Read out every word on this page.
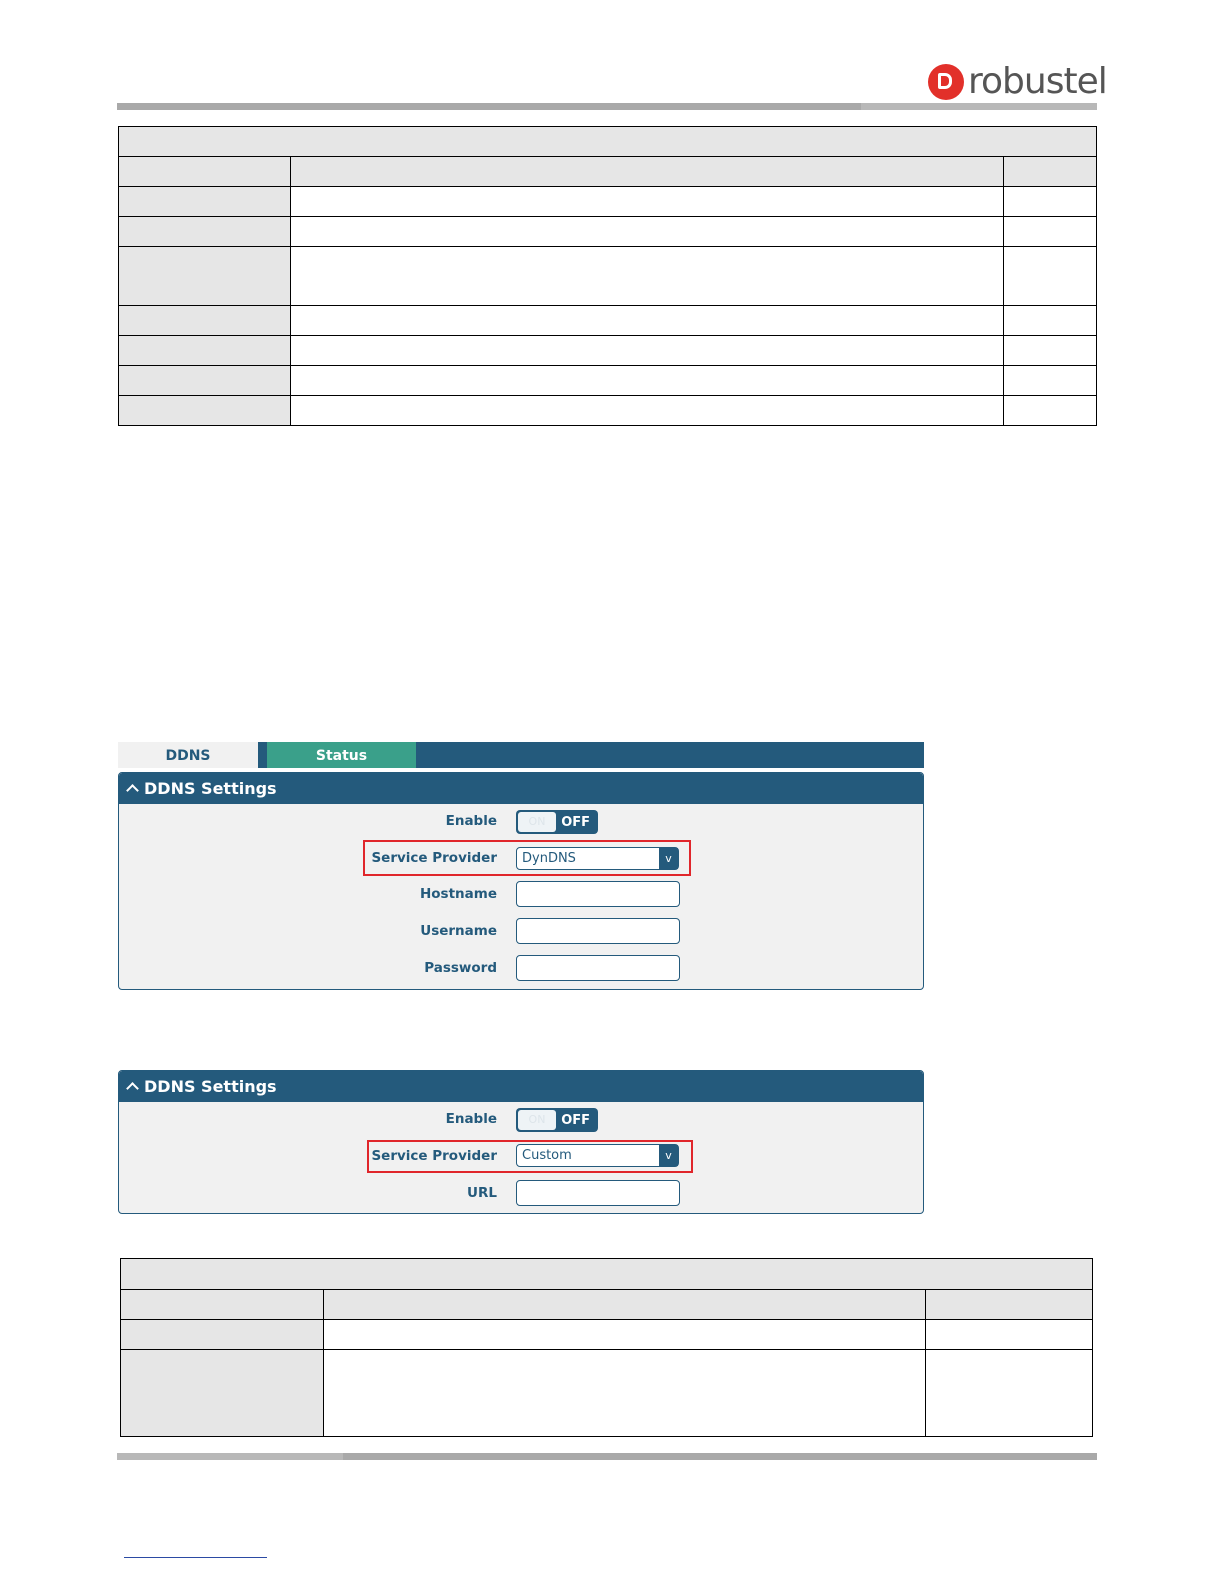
robustel

DDNS	Status
DDNS Settings
Enable	ON	OFF
Service Provider DynDNS	v
Hostname
Username
Password
DDNS Settings
Enable	ON	OFF
Service Provider Custom	v
URL
